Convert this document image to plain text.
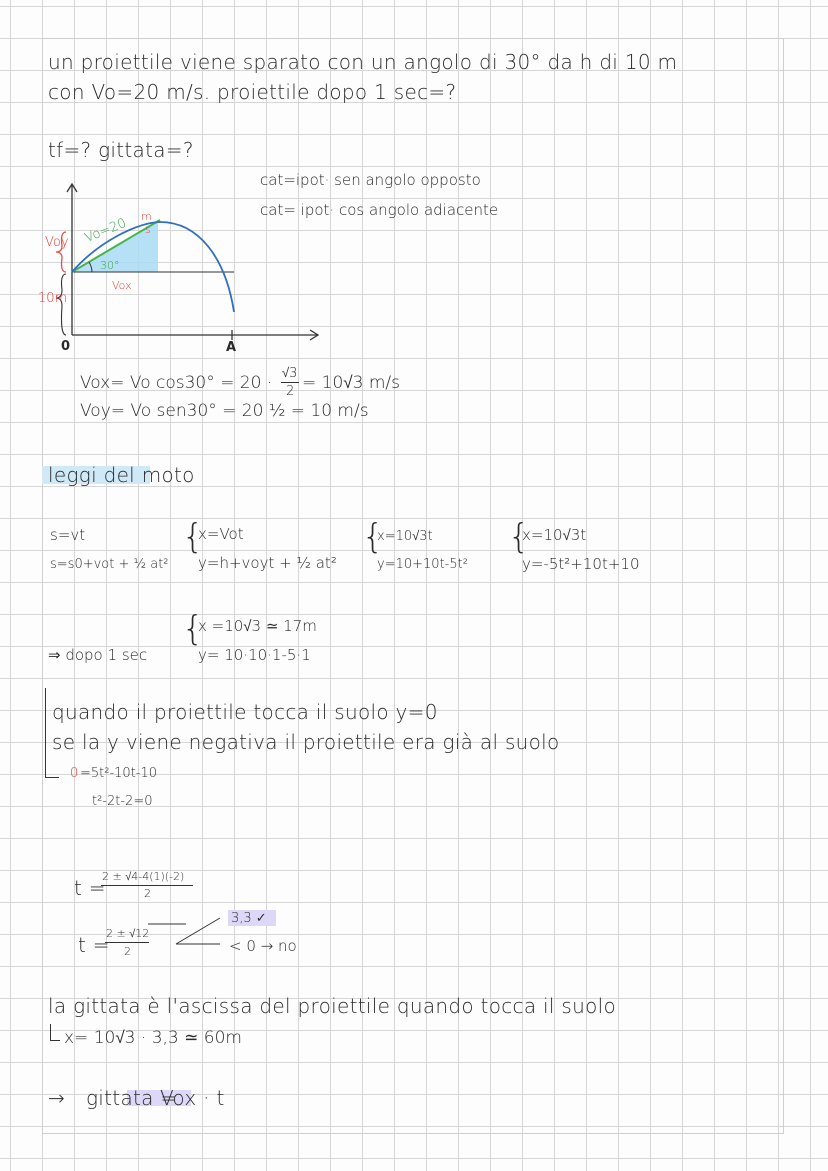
un proiettile viene sparato con un angolo di 30° da h di 10 m
con Vo=20 m/s. proiettile dopo 1 sec=?
tf=? gittata=?
cat=ipot· sen angolo opposto
cat= ipot· cos angolo adiacente
Voy
10m
0	A
Vo=20 m
s
30°
Vox
Vox= Vo cos30° = 20 · √3
2 = 10√3 m/s
Voy= Vo sen30° = 20 ½ = 10 m/s
leggi del moto
s=vt
s=s0+vot + ½ at²
{
x=Vot
y=h+voyt + ½ at²
{
x=10√3t
y=10+10t-5t²
{
x=10√3t
y=-5t²+10t+10
{
x =10√3 ≃ 17m
y= 10·10·1-5·1
⇒ dopo 1 sec
quando il proiettile tocca il suolo y=0
se la y viene negativa il proiettile era già al suolo
0 =5t²-10t-10
t²-2t-2=0
t =
2 ± √4-4(1)(-2)
2
t =
2 ± √12
2
3,3 ✓
< 0 → no
la gittata è l'ascissa del proiettile quando tocca il suolo
x= 10√3 · 3,3 ≃ 60m
→ gittata =
Vox · t
